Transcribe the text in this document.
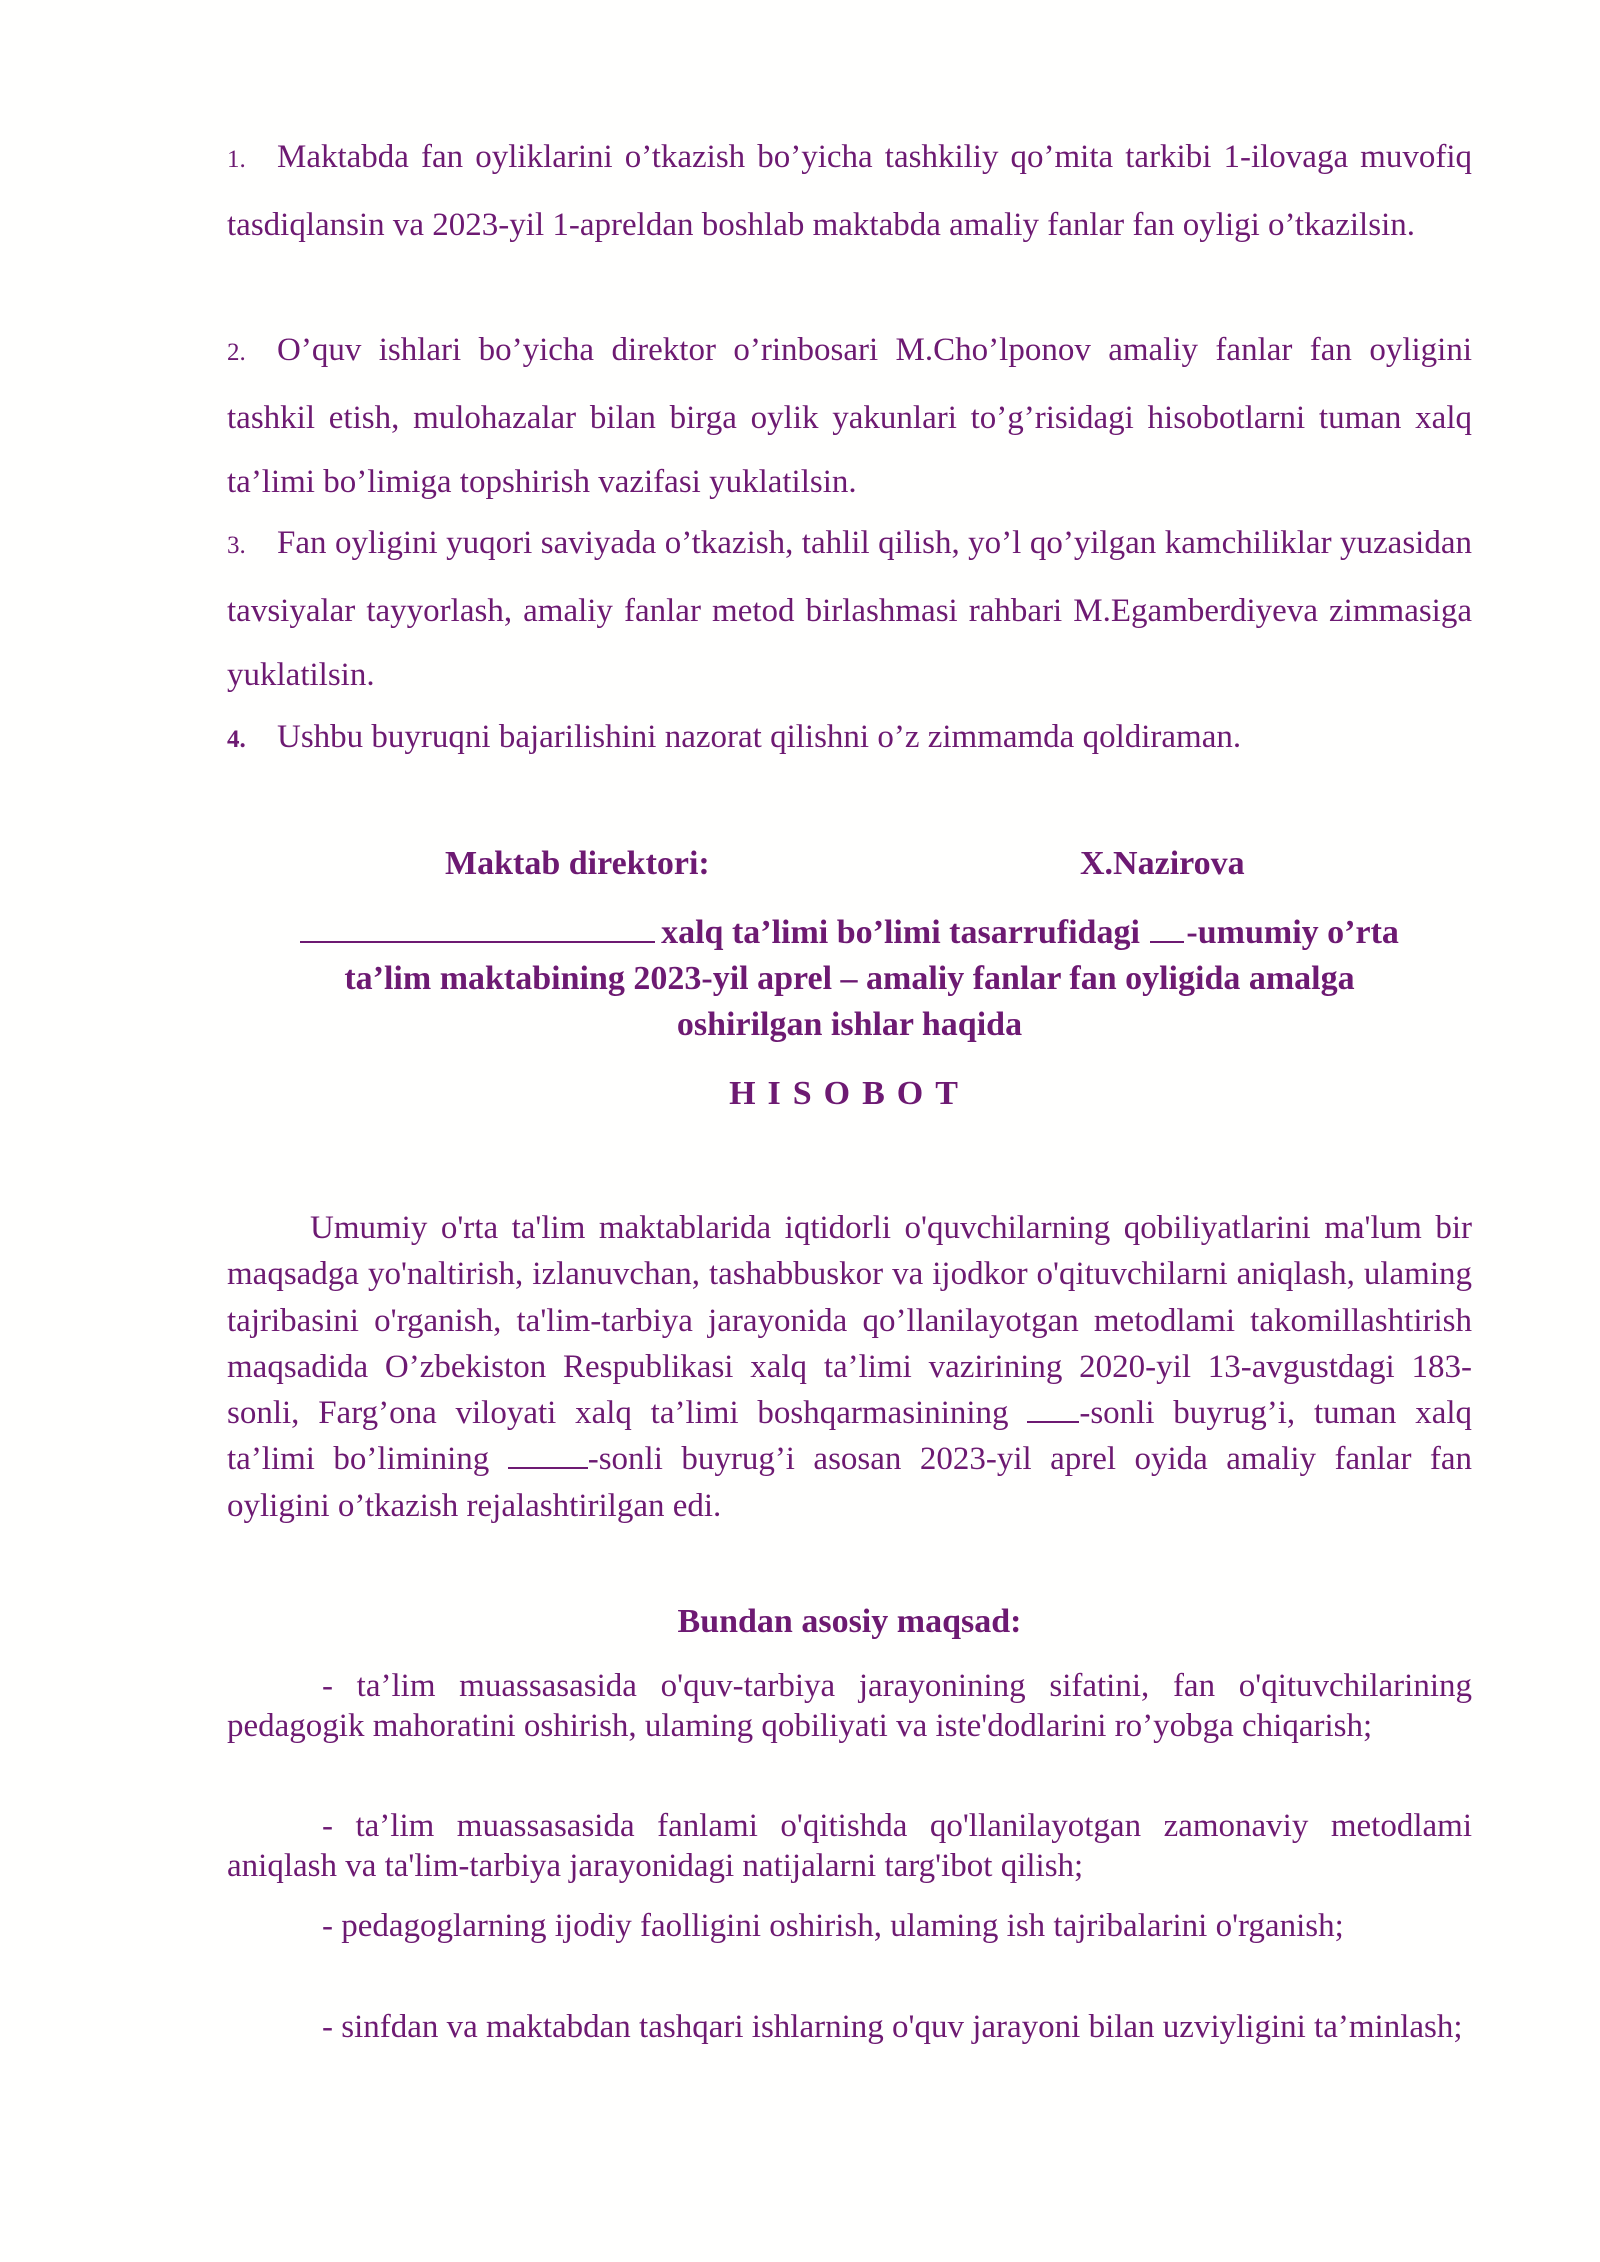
1. Maktabda fan oyliklarini o’tkazish bo’yicha tashkiliy qo’mita tarkibi 1-ilovaga muvofiq tasdiqlansin va 2023-yil 1-apreldan boshlab maktabda amaliy fanlar fan oyligi o’tkazilsin.

2. O’quv ishlari bo’yicha direktor o’rinbosari M.Cho’lponov amaliy fanlar fan oyligini tashkil etish, mulohazalar bilan birga oylik yakunlari to’g’risidagi hisobotlarni tuman xalq ta’limi bo’limiga topshirish vazifasi yuklatilsin.

3. Fan oyligini yuqori saviyada o’tkazish, tahlil qilish, yo’l qo’yilgan kamchiliklar yuzasidan tavsiyalar tayyorlash, amaliy fanlar metod birlashmasi rahbari M.Egamberdiyeva zimmasiga yuklatilsin.

4. Ushbu buyruqni bajarilishini nazorat qilishni o’z zimmamda qoldiraman.

Maktab direktori:	X.Nazirova
xalq ta’limi bo’limi tasarrufidagi -umumiy o’rta
ta’lim maktabining 2023-yil aprel – amaliy fanlar fan oyligida amalga
oshirilgan ishlar haqida
HISOBOT

Umumiy o'rta ta'lim maktablarida iqtidorli o'quvchilarning qobiliyatlarini ma'lum bir maqsadga yo'naltirish, izlanuvchan, tashabbuskor va ijodkor o'qituvchilarni aniqlash, ulaming tajribasini o'rganish, ta'lim-tarbiya jarayonida qo’llanilayotgan metodlami takomillashtirish maqsadida O’zbekiston Respublikasi xalq ta’limi vazirining 2020-yil 13-avgustdagi 183-sonli, Farg’ona viloyati xalq ta’limi boshqarmasinining -sonli buyrug’i, tuman xalq ta’limi bo’limining	-sonli buyrug’i asosan 2023-yil aprel oyida amaliy fanlar fan oyligini o’tkazish rejalashtirilgan edi.

Bundan asosiy maqsad:

- ta’lim muassasasida o'quv-tarbiya jarayonining sifatini, fan o'qituvchilarining pedagogik mahoratini oshirish, ulaming qobiliyati va iste'dodlarini ro’yobga chiqarish;

- ta’lim muassasasida fanlami o'qitishda qo'llanilayotgan zamonaviy metodlami aniqlash va ta'lim-tarbiya jarayonidagi natijalarni targ'ibot qilish;

- pedagoglarning ijodiy faolligini oshirish, ulaming ish tajribalarini o'rganish;

- sinfdan va maktabdan tashqari ishlarning o'quv jarayoni bilan uzviyligini ta’minlash;
